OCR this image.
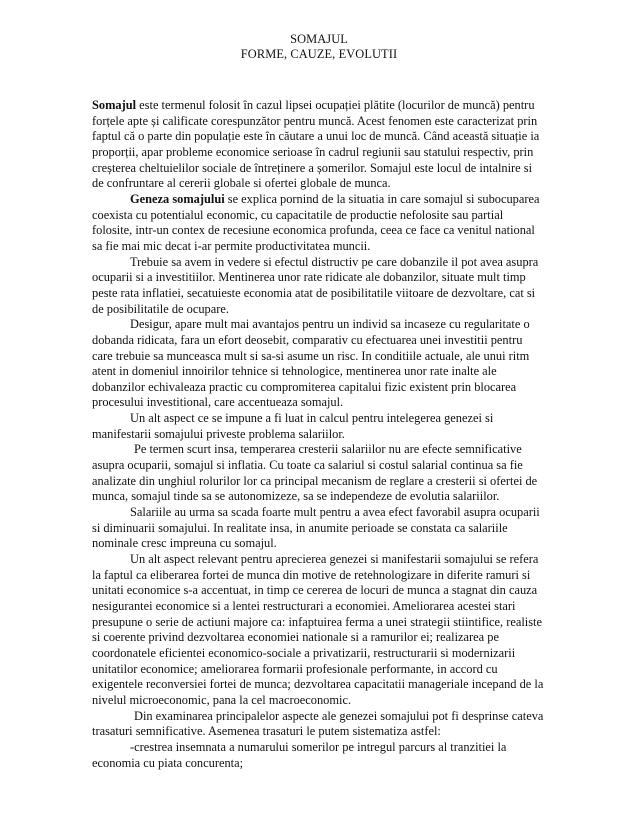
SOMAJUL
FORME, CAUZE, EVOLUTII

Somajul este termenul folosit în cazul lipsei ocupației plătite (locurilor de muncă) pentru forțele apte și calificate corespunzător pentru muncă. Acest fenomen este caracterizat prin faptul că o parte din populație este în căutare a unui loc de muncă. Când această situație ia proporții, apar probleme economice serioase în cadrul regiunii sau statului respectiv, prin creșterea cheltuielilor sociale de întreținere a șomerilor. Somajul este locul de intalnire si de confruntare al cererii globale si ofertei globale de munca.

Geneza somajului se explica pornind de la situatia in care somajul si subocuparea coexista cu potentialul economic, cu capacitatile de productie nefolosite sau partial folosite, intr-un contex de recesiune economica profunda, ceea ce face ca venitul national sa fie mai mic decat i-ar permite productivitatea muncii.

Trebuie sa avem in vedere si efectul distructiv pe care dobanzile il pot avea asupra ocuparii si a investitiilor. Mentinerea unor rate ridicate ale dobanzilor, situate mult timp peste rata inflatiei, secatuieste economia atat de posibilitatile viitoare de dezvoltare, cat si de posibilitatile de ocupare.

Desigur, apare mult mai avantajos pentru un individ sa incaseze cu regularitate o dobanda ridicata, fara un efort deosebit, comparativ cu efectuarea unei investitii pentru care trebuie sa munceasca mult si sa-si asume un risc. In conditiile actuale, ale unui ritm atent in domeniul innoirilor tehnice si tehnologice, mentinerea unor rate inalte ale dobanzilor echivaleaza practic cu compromiterea capitalui fizic existent prin blocarea procesului investitional, care accentueaza somajul.

Un alt aspect ce se impune a fi luat in calcul pentru intelegerea genezei si manifestarii somajului priveste problema salariilor.

Pe termen scurt insa, temperarea cresterii salariilor nu are efecte semnificative asupra ocuparii, somajul si inflatia. Cu toate ca salariul si costul salarial continua sa fie analizate din unghiul rolurilor lor ca principal mecanism de reglare a cresterii si ofertei de munca, somajul tinde sa se autonomizeze, sa se independeze de evolutia salariilor.

Salariile au urma sa scada foarte mult pentru a avea efect favorabil asupra ocuparii si diminuarii somajului. In realitate insa, in anumite perioade se constata ca salariile nominale cresc impreuna cu somajul.

Un alt aspect relevant pentru aprecierea genezei si manifestarii somajului se refera la faptul ca eliberarea fortei de munca din motive de retehnologizare in diferite ramuri si unitati economice s-a accentuat, in timp ce cererea de locuri de munca a stagnat din cauza nesigurantei economice si a lentei restructurari a economiei. Ameliorarea acestei stari presupune o serie de actiuni majore ca: infaptuirea ferma a unei strategii stiintifice, realiste si coerente privind dezvoltarea economiei nationale si a ramurilor ei; realizarea pe coordonatele eficientei economico-sociale a privatizarii, restructurarii si modernizarii unitatilor economice; ameliorarea formarii profesionale performante, in accord cu exigentele reconversiei fortei de munca; dezvoltarea capacitatii manageriale incepand de la nivelul microeconomic, pana la cel macroeconomic.

Din examinarea principalelor aspecte ale genezei somajului pot fi desprinse cateva trasaturi semnificative. Asemenea trasaturi le putem sistematiza astfel:

-crestrea insemnata a numarului somerilor pe intregul parcurs al tranzitiei la economia cu piata concurenta;
